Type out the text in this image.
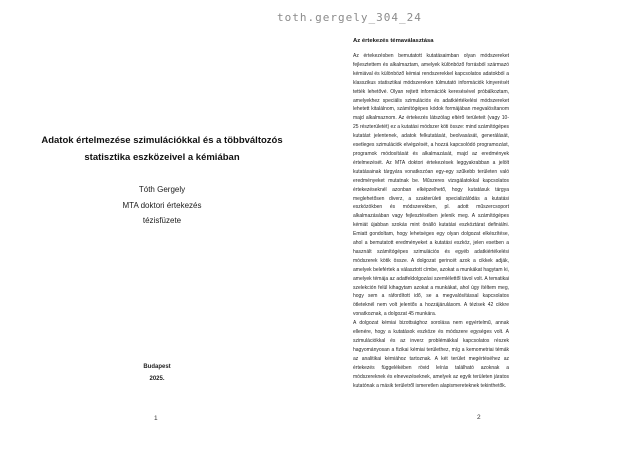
toth.gergely_304_24
Adatok értelmezése szimulációkkal és a többváltozós statisztika eszközeivel a kémiában
Tóth Gergely
MTA doktori értekezés
tézisfüzete
Budapest
2025.
1
Az értekezés témaválasztása

Az értekezésben bemutatott kutatásaimban olyan módszereket fejlesztettem és alkalmaztam, amelyek különböző forrásból származó kémiával és különböző kémiai rendszerekkel kapcsolatos adatokból a klasszikus statisztikai módszereken túlmutató információk kinyerését tették lehetővé. Olyan rejtett információk keresésével próbálkoztam, amelyekhez speciális szimulációs és adatkiértékelési módszereket lehetett kitalálnom, számítógépes kódok formájában megvalósítanom majd alkalmaznom. Az értekezés látszólag eltérő területeit (vagy 10-25 részterületét) ez a kutatási módszer köti össze: mind számítógépes kutatást jelentenek, adatok felkutatását, beolvasását, generálását, esetleges szimulációk elvégzését, a hozzá kapcsolódó programozást, programok módosítását és alkalmazását, majd az eredmények értelmezését. Az MTA doktori értekezések leggyakrabban a jelölt kutatásainak tárgyára vonatkozóan egy-egy szűkebb területen való eredményeket mutatnak be. Műszeres vizsgálatokkal kapcsolatos értekezéseknél azonban elképzelhető, hogy kutatásuk tárgya meglehetősen diverz, a szakterületi specializálódás a kutatási eszközökben és módszerekben, pl. adott műszercsoport alkalmazásában vagy fejlesztésében jelenik meg. A számítógépes kémiát újabban szokás mint önálló kutatási eszköztárat definiálni. Emiatt gondoltam, hogy lehetséges egy olyan dolgozat elkészítése, ahol a bemutatott eredményeket a kutatási eszköz, jelen esetben a használt számítógépes szimulációs és egyéb adatkiértékelési módszerek kötik össze. A dolgozat gerincét azok a cikkek adják, amelyek belefértek a választott címbe, azokat a munkákat hagytam ki, amelyek témája az adatfeldolgozási szemlélettől távol volt. A tematikai szelekción felül kihagytam azokat a munkákat, ahol úgy ítéltem meg, hogy sem a ráfordított idő, se a megvalósítással kapcsolatos ötleteknél nem volt jelentős a hozzájárulásom. A tézisek 42 cikkre vonatkoznak, a dolgozat 45 munkára.

A dolgozat kémiai bizottsághoz sorolása nem egyértelmű, annak ellenére, hogy a kutatások eszköze és módszere egységes volt. A szimulációkkal és az inverz problémákkal kapcsolatos részek hagyományosan a fizikai kémiai területhez, míg a kemometriai témák az analitikai kémiához tartoznak. A két terület megértéséhez az értekezés függelékében rövid leírás található azoknak a módszereknek és elnevezéseknek, amelyek az egyik területen járatos kutatónak a másik területről ismeretlen alapismereteknek tekinthetők.

2
